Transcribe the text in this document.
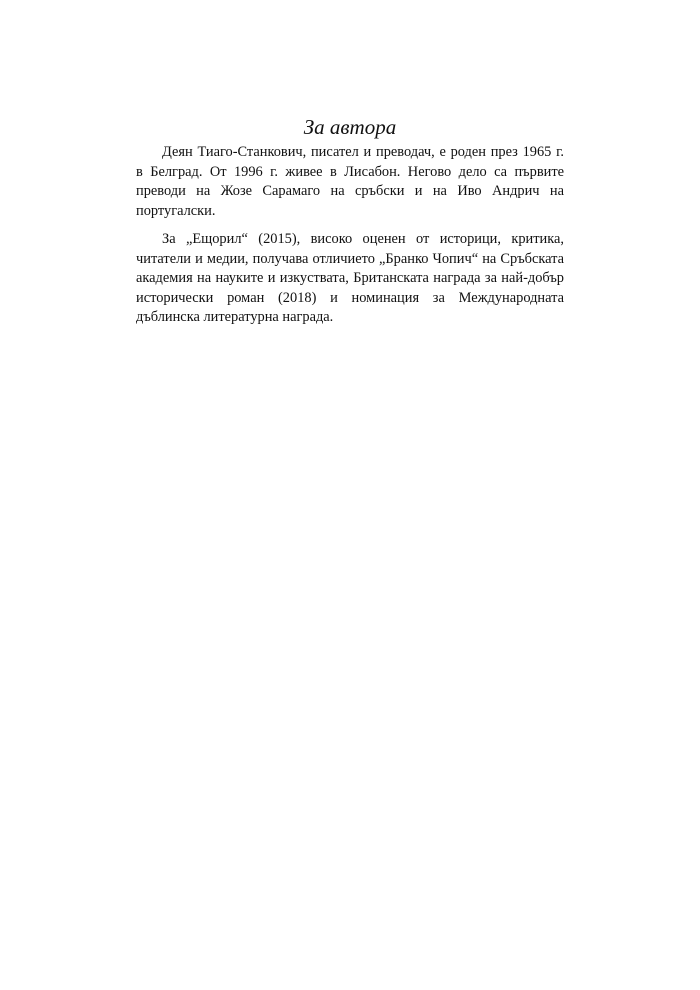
За автора

Деян Тиаго-Станкович, писател и преводач, е роден през 1965 г. в Белград. От 1996 г. живее в Лисабон. Негово дело са първите преводи на Жозе Сарамаго на сръбски и на Иво Андрич на португалски.

За „Ещорил“ (2015), високо оценен от историци, критика, читатели и медии, получава отличието „Бранко Чопич“ на Сръбската академия на науките и изкуствата, Британската награда за най-добър исторически роман (2018) и номинация за Международната дъблинска литературна награда.
